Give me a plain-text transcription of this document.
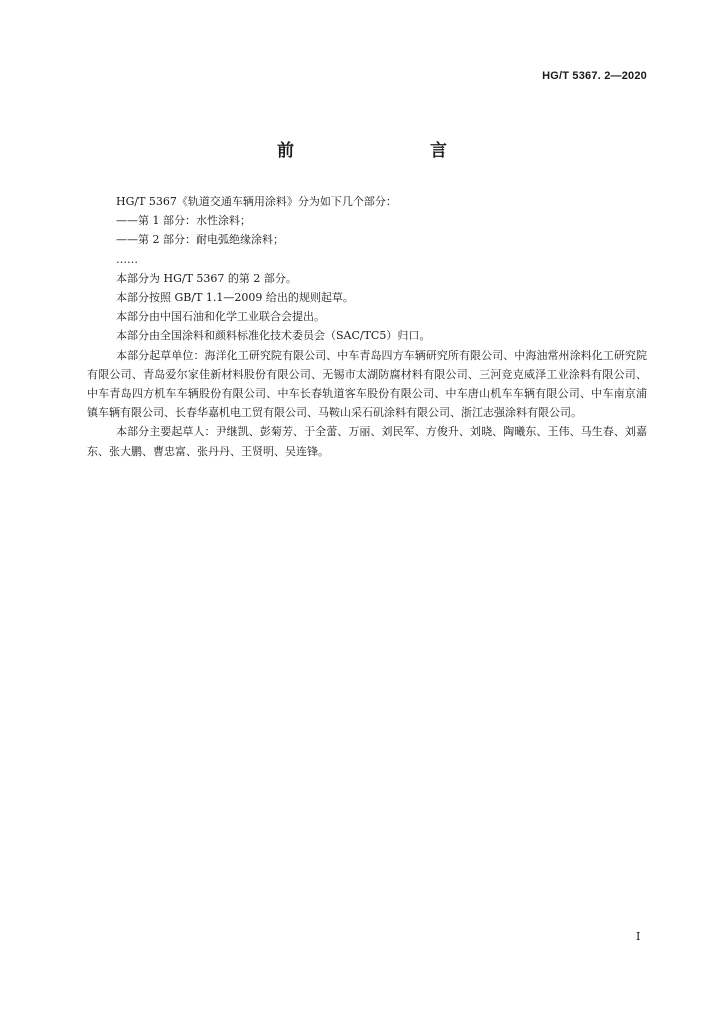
HG/T 5367. 2—2020
前　　言
HG/T 5367《轨道交通车辆用涂料》分为如下几个部分：
——第 1 部分：水性涂料；
——第 2 部分：耐电弧绝缘涂料；
……
本部分为 HG/T 5367 的第 2 部分。
本部分按照 GB/T 1.1—2009 给出的规则起草。
本部分由中国石油和化学工业联合会提出。
本部分由全国涂料和颜料标准化技术委员会（SAC/TC5）归口。
本部分起草单位：海洋化工研究院有限公司、中车青岛四方车辆研究所有限公司、中海油常州涂料化工研究院有限公司、青岛爱尔家佳新材料股份有限公司、无锡市太湖防腐材料有限公司、三河竞克威泽工业涂料有限公司、中车青岛四方机车车辆股份有限公司、中车长春轨道客车股份有限公司、中车唐山机车车辆有限公司、中车南京浦镇车辆有限公司、长春华嘉机电工贸有限公司、马鞍山采石矶涂料有限公司、浙江志强涂料有限公司。
本部分主要起草人：尹继凯、彭菊芳、于全蕾、万丽、刘民军、方俊升、刘晓、陶曦东、王伟、马生春、刘嘉东、张大鹏、曹忠富、张丹丹、王贤明、吴连锋。
I
